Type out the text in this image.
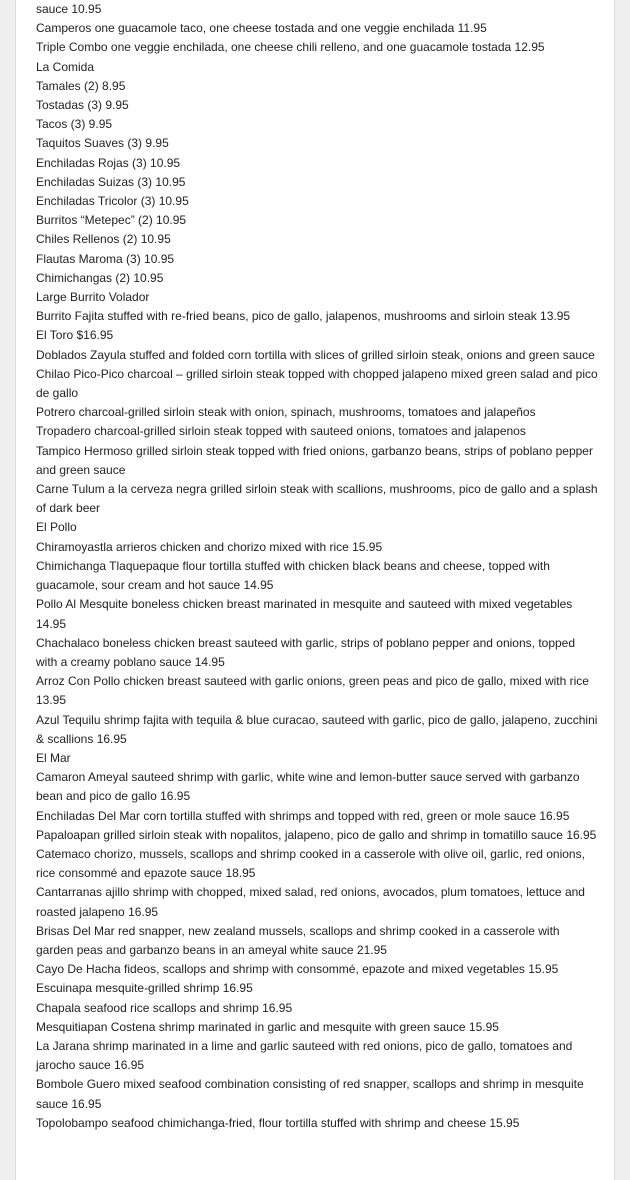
sauce 10.95
Camperos one guacamole taco, one cheese tostada and one veggie enchilada 11.95
Triple Combo one veggie enchilada, one cheese chili relleno, and one guacamole tostada 12.95
La Comida
Tamales (2) 8.95
Tostadas (3) 9.95
Tacos (3) 9.95
Taquitos Suaves (3) 9.95
Enchiladas Rojas (3) 10.95
Enchiladas Suizas (3) 10.95
Enchiladas Tricolor (3) 10.95
Burritos “Metepec” (2) 10.95
Chiles Rellenos (2) 10.95
Flautas Maroma (3) 10.95
Chimichangas (2) 10.95
Large Burrito Volador
Burrito Fajita stuffed with re-fried beans, pico de gallo, jalapenos, mushrooms and sirloin steak 13.95
El Toro $16.95
Doblados Zayula stuffed and folded corn tortilla with slices of grilled sirloin steak, onions and green sauce
Chilao Pico-Pico charcoal – grilled sirloin steak topped with chopped jalapeno mixed green salad and pico de gallo
Potrero charcoal-grilled sirloin steak with onion, spinach, mushrooms, tomatoes and jalapeños
Tropadero charcoal-grilled sirloin steak topped with sauteed onions, tomatoes and jalapenos
Tampico Hermoso grilled sirloin steak topped with fried onions, garbanzo beans, strips of poblano pepper and green sauce
Carne Tulum a la cerveza negra grilled sirloin steak with scallions, mushrooms, pico de gallo and a splash of dark beer
El Pollo
Chiramoyastla arrieros chicken and chorizo mixed with rice 15.95
Chimichanga Tlaquepaque flour tortilla stuffed with chicken black beans and cheese, topped with guacamole, sour cream and hot sauce 14.95
Pollo Al Mesquite boneless chicken breast marinated in mesquite and sauteed with mixed vegetables 14.95
Chachalaco boneless chicken breast sauteed with garlic, strips of poblano pepper and onions, topped with a creamy poblano sauce 14.95
Arroz Con Pollo chicken breast sauteed with garlic onions, green peas and pico de gallo, mixed with rice 13.95
Azul Tequilu shrimp fajita with tequila & blue curacao, sauteed with garlic, pico de gallo, jalapeno, zucchini & scallions 16.95
El Mar
Camaron Ameyal sauteed shrimp with garlic, white wine and lemon-butter sauce served with garbanzo bean and pico de gallo 16.95
Enchiladas Del Mar corn tortilla stuffed with shrimps and topped with red, green or mole sauce 16.95
Papaloapan grilled sirloin steak with nopalitos, jalapeno, pico de gallo and shrimp in tomatillo sauce 16.95
Catemaco chorizo, mussels, scallops and shrimp cooked in a casserole with olive oil, garlic, red onions, rice consommé and epazote sauce 18.95
Cantarranas ajillo shrimp with chopped, mixed salad, red onions, avocados, plum tomatoes, lettuce and roasted jalapeno 16.95
Brisas Del Mar red snapper, new zealand mussels, scallops and shrimp cooked in a casserole with garden peas and garbanzo beans in an ameyal white sauce 21.95
Cayo De Hacha fideos, scallops and shrimp with consommé, epazote and mixed vegetables 15.95
Escuinapa mesquite-grilled shrimp 16.95
Chapala seafood rice scallops and shrimp 16.95
Mesquitiapan Costena shrimp marinated in garlic and mesquite with green sauce 15.95
La Jarana shrimp marinated in a lime and garlic sauteed with red onions, pico de gallo, tomatoes and jarocho sauce 16.95
Bombole Guero mixed seafood combination consisting of red snapper, scallops and shrimp in mesquite sauce 16.95
Topolobampo seafood chimichanga-fried, flour tortilla stuffed with shrimp and cheese 15.95
